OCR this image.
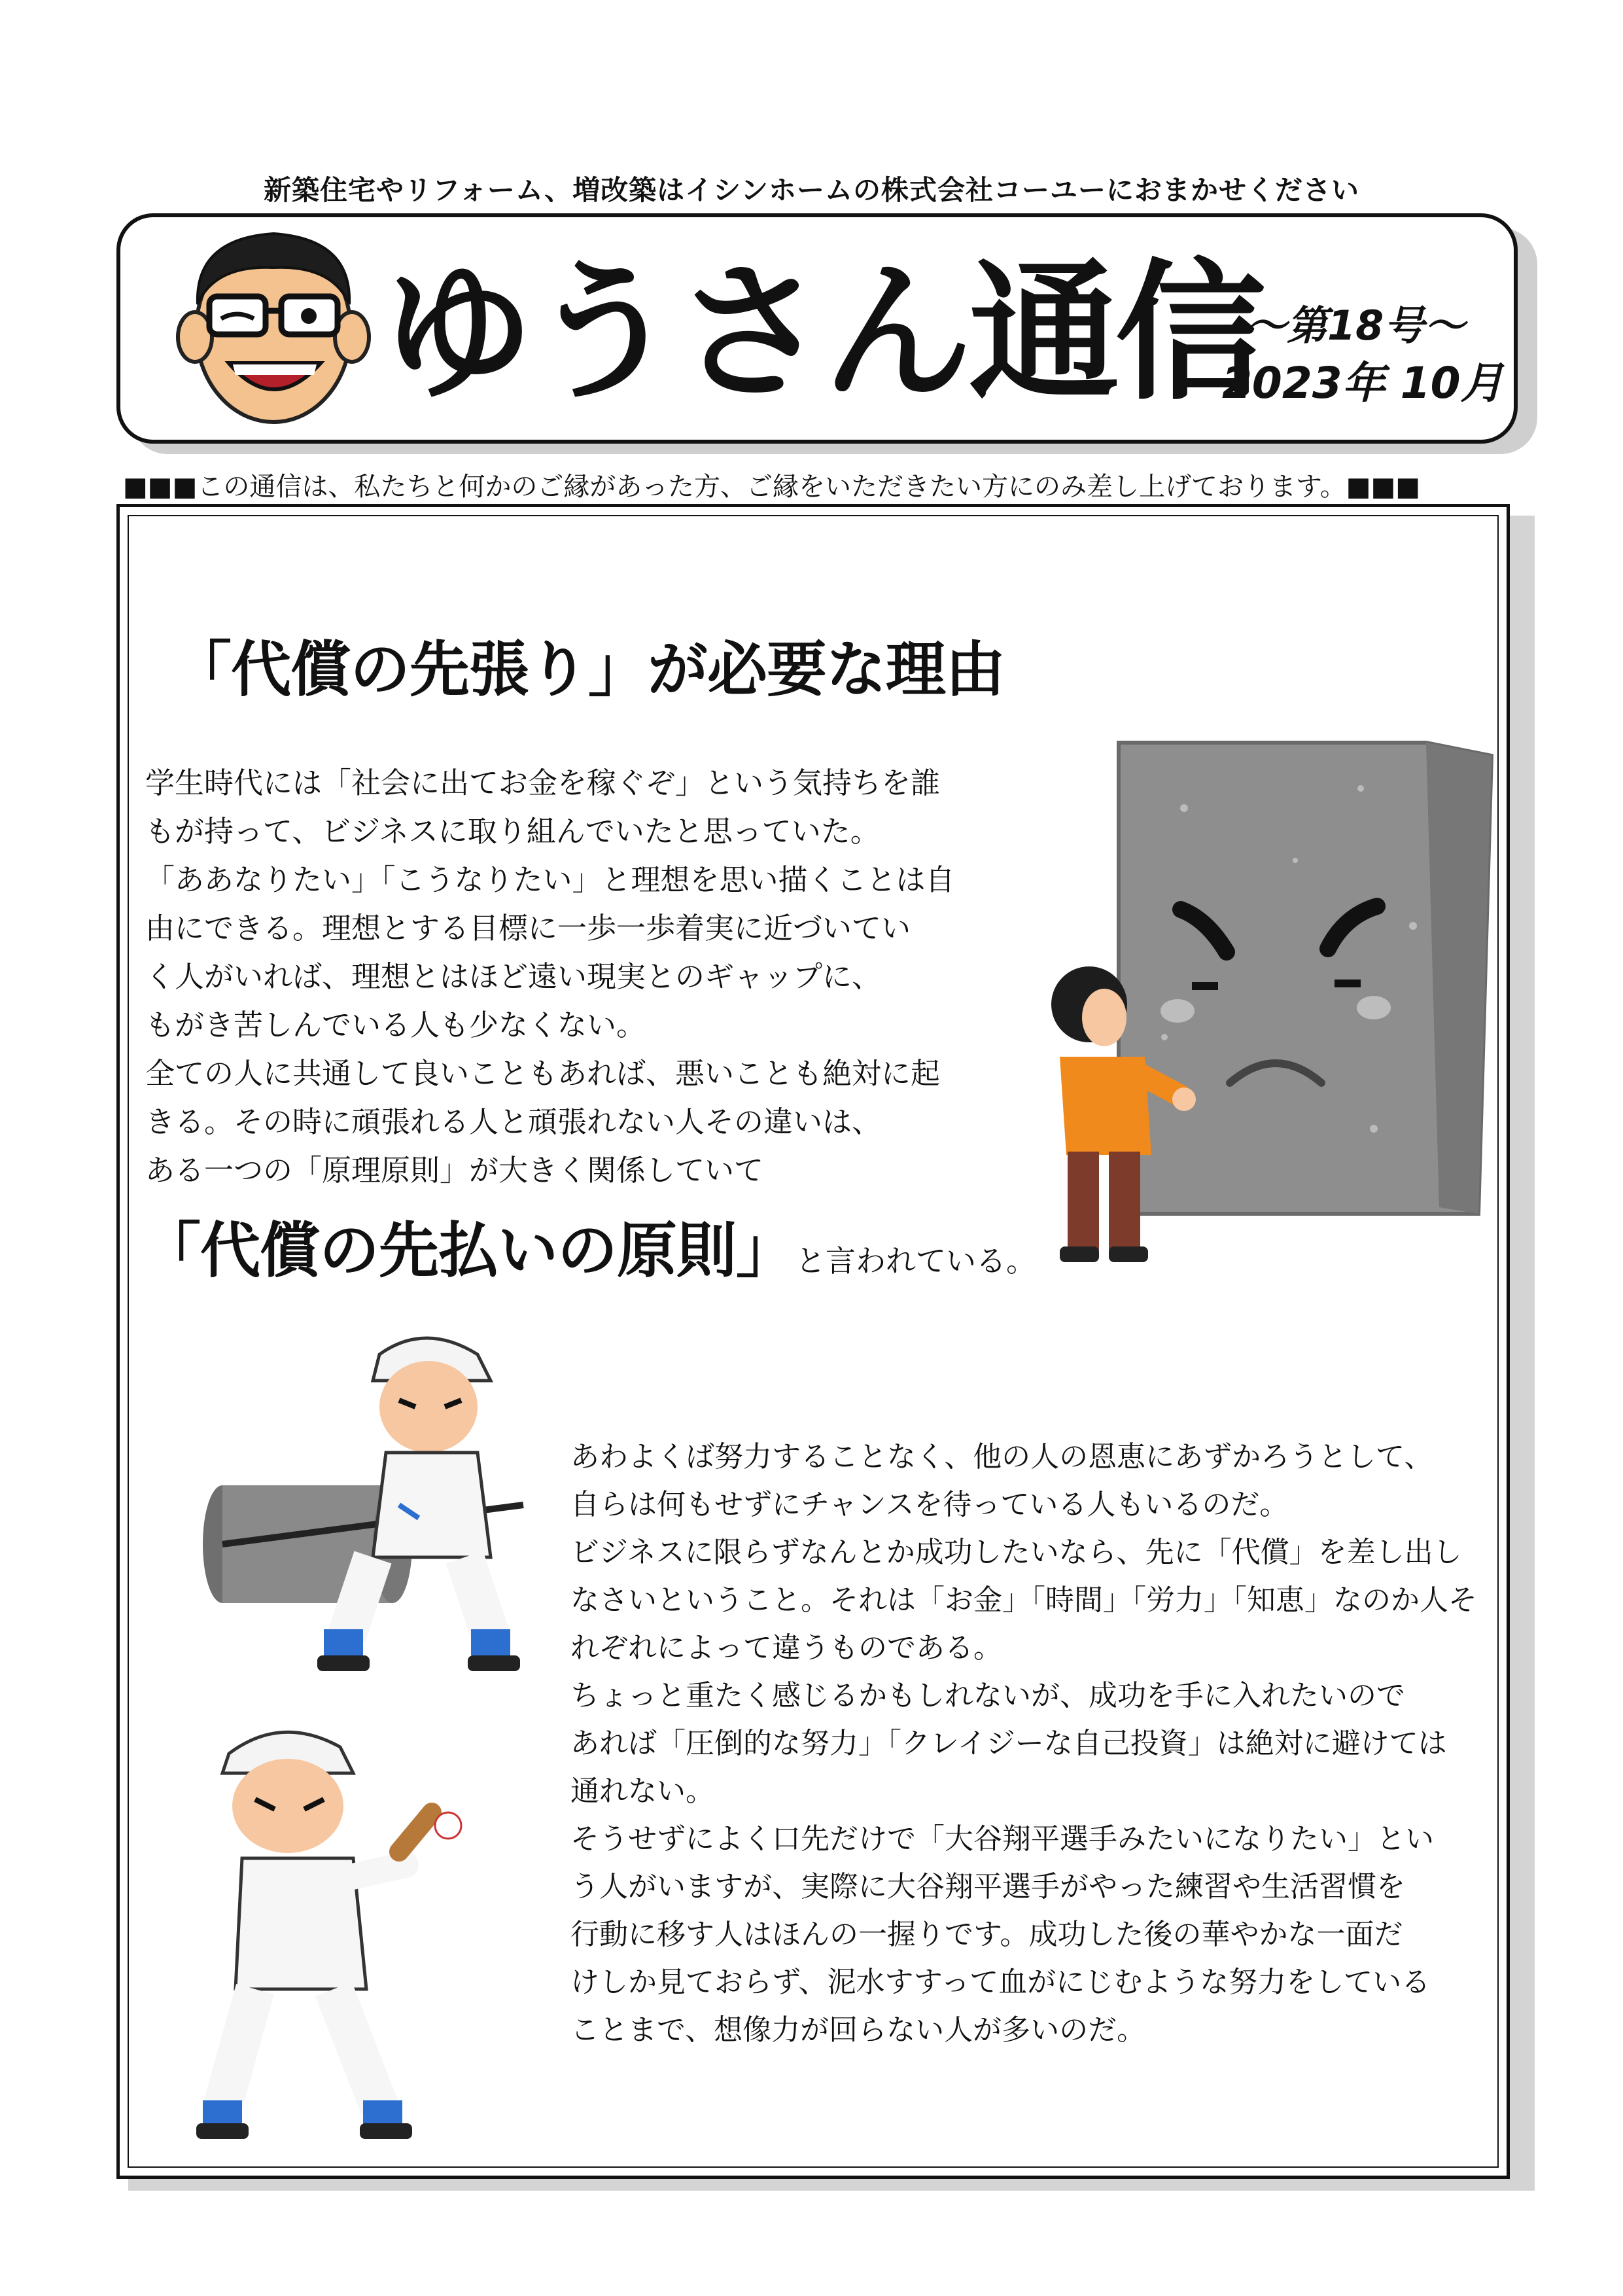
新築住宅やリフォーム、増改築はイシンホームの株式会社コーユーにおまかせください
ゆうさん通信
～第18号～
2023年 10月
■■■この通信は、私たちと何かのご縁があった方、ご縁をいただきたい方にのみ差し上げております。■■■
「代償の先張り」が必要な理由

学生時代には「社会に出てお金を稼ぐぞ」という気持ちを誰
もが持って、ビジネスに取り組んでいたと思っていた。
「ああなりたい」「こうなりたい」と理想を思い描くことは自
由にできる。理想とする目標に一歩一歩着実に近づいてい
く人がいれば、理想とはほど遠い現実とのギャップに、
もがき苦しんでいる人も少なくない。
全ての人に共通して良いこともあれば、悪いことも絶対に起
きる。その時に頑張れる人と頑張れない人その違いは、
ある一つの「原理原則」が大きく関係していて

「代償の先払いの原則」と言われている。

あわよくば努力することなく、他の人の恩恵にあずかろうとして、
自らは何もせずにチャンスを待っている人もいるのだ。
ビジネスに限らずなんとか成功したいなら、先に「代償」を差し出し
なさいということ。それは「お金」「時間」「労力」「知恵」なのか人そ
れぞれによって違うものである。
ちょっと重たく感じるかもしれないが、成功を手に入れたいので
あれば「圧倒的な努力」「クレイジーな自己投資」は絶対に避けては
通れない。
そうせずによく口先だけで「大谷翔平選手みたいになりたい」とい
う人がいますが、実際に大谷翔平選手がやった練習や生活習慣を
行動に移す人はほんの一握りです。成功した後の華やかな一面だ
けしか見ておらず、泥水すすって血がにじむような努力をしている
ことまで、想像力が回らない人が多いのだ。
